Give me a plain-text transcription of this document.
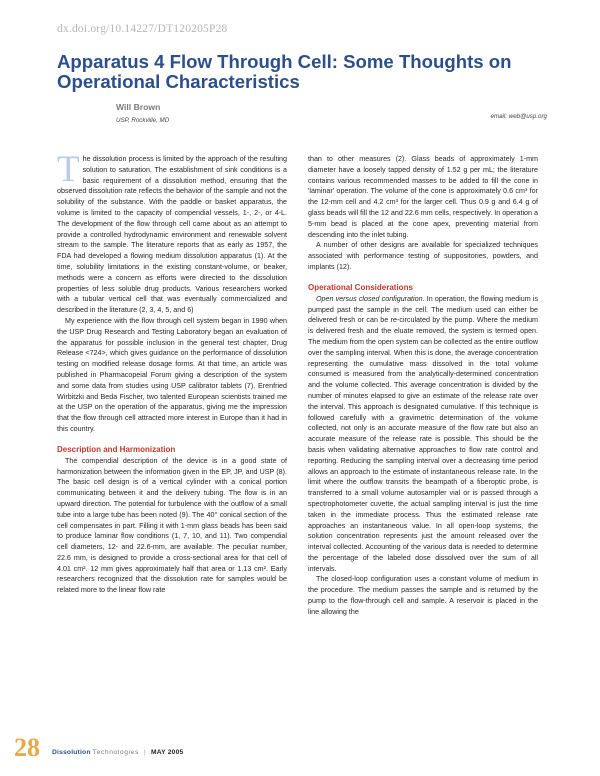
dx.doi.org/10.14227/DT120205P28
Apparatus 4 Flow Through Cell: Some Thoughts on Operational Characteristics
Will Brown
USP, Rockville, MD
email: web@usp.org

The dissolution process is limited by the approach of the resulting solution to saturation. The establishment of sink conditions is a basic requirement of a dissolution method, ensuring that the observed dissolution rate reflects the behavior of the sample and not the solubility of the substance. With the paddle or basket apparatus, the volume is limited to the capacity of compendial vessels, 1-, 2-, or 4-L. The development of the flow through cell came about as an attempt to provide a controlled hydrodynamic environment and renewable solvent stream to the sample. The literature reports that as early as 1957, the FDA had developed a flowing medium dissolution apparatus (1). At the time, solubility limitations in the existing constant-volume, or beaker, methods were a concern as efforts were directed to the dissolution properties of less soluble drug products. Various researchers worked with a tubular vertical cell that was eventually commercialized and described in the literature (2, 3, 4, 5, and 6)

My experience with the flow through cell system began in 1990 when the USP Drug Research and Testing Laboratory began an evaluation of the apparatus for possible inclusion in the general test chapter, Drug Release <724>, which gives guidance on the performance of dissolution testing on modified release dosage forms. At that time, an article was published in Pharmacopeial Forum giving a description of the system and some data from studies using USP calibrator tablets (7). Erenfried Wirbitzki and Beda Fischer, two talented European scientists trained me at the USP on the operation of the apparatus, giving me the impression that the flow through cell attracted more interest in Europe than it had in this country.

Description and Harmonization

The compendial description of the device is in a good state of harmonization between the information given in the EP, JP, and USP (8). The basic cell design is of a vertical cylinder with a conical portion communicating between it and the delivery tubing. The flow is in an upward direction. The potential for turbulence with the outflow of a small tube into a large tube has been noted (9). The 40° conical section of the cell compensates in part. Filling it with 1-mm glass beads has been said to produce laminar flow conditions (1, 7, 10, and 11). Two compendial cell diameters, 12- and 22.6-mm, are available. The peculiar number, 22.6 mm, is designed to provide a cross-sectional area for that cell of 4.01 cm². 12 mm gives approximately half that area or 1.13 cm². Early researchers recognized that the dissolution rate for samples would be related more to the linear flow rate

than to other measures (2). Glass beads of approximately 1-mm diameter have a loosely tapped density of 1.52 g per mL; the literature contains various recommended masses to be added to fill the cone in 'laminar' operation. The volume of the cone is approximately 0.6 cm³ for the 12-mm cell and 4.2 cm³ for the larger cell. Thus 0.9 g and 6.4 g of glass beads will fill the 12 and 22.6 mm cells, respectively. In operation a 5-mm bead is placed at the cone apex, preventing material from descending into the inlet tubing.

A number of other designs are available for specialized techniques associated with performance testing of suppositories, powders, and implants (12).

Operational Considerations

Open versus closed configuration. In operation, the flowing medium is pumped past the sample in the cell. The medium used can either be delivered fresh or can be re-circulated by the pump. Where the medium is delivered fresh and the eluate removed, the system is termed open. The medium from the open system can be collected as the entire outflow over the sampling interval. When this is done, the average concentration representing the cumulative mass dissolved in the total volume consumed is measured from the analytically-determined concentration and the volume collected. This average concentration is divided by the number of minutes elapsed to give an estimate of the release rate over the interval. This approach is designated cumulative. If this technique is followed carefully with a gravimetric determination of the volume collected, not only is an accurate measure of the flow rate but also an accurate measure of the release rate is possible. This should be the basis when validating alternative approaches to flow rate control and reporting. Reducing the sampling interval over a decreasing time period allows an approach to the estimate of instantaneous release rate. In the limit where the outflow transits the beampath of a fiberoptic probe, is transferred to a small volume autosampler vial or is passed through a spectrophotometer cuvette, the actual sampling interval is just the time taken in the immediate process. Thus the estimated release rate approaches an instantaneous value. In all open-loop systems, the solution concentration represents just the amount released over the interval collected. Accounting of the various data is needed to determine the percentage of the labeled dose dissolved over the sum of all intervals.

The closed-loop configuration uses a constant volume of medium in the procedure. The medium passes the sample and is returned by the pump to the flow-through cell and sample. A reservoir is placed in the line allowing the

28 Dissolution Technologies | MAY 2005
